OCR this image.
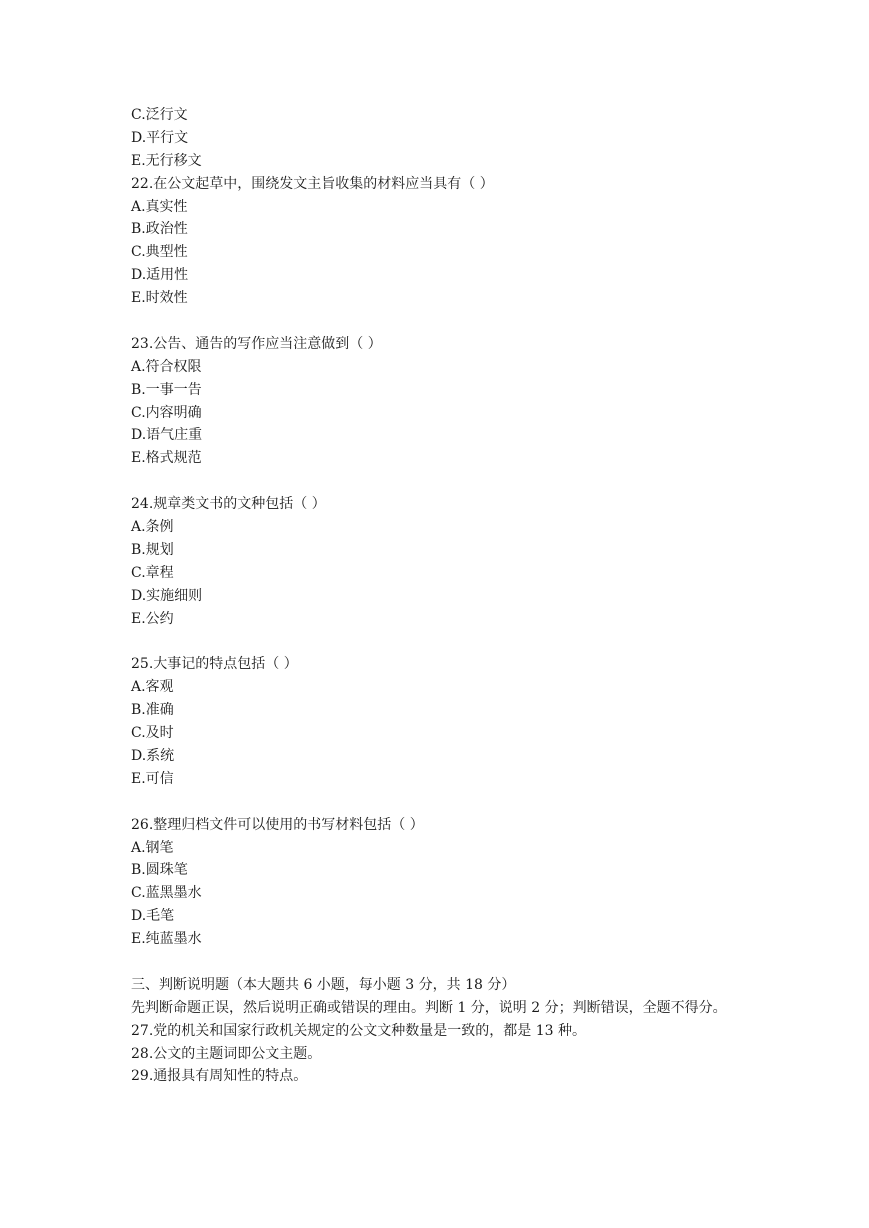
C.泛行文
D.平行文
E.无行移文
22.在公文起草中，围绕发文主旨收集的材料应当具有（ ）
A.真实性
B.政治性
C.典型性
D.适用性
E.时效性
23.公告、通告的写作应当注意做到（ ）
A.符合权限
B.一事一告
C.内容明确
D.语气庄重
E.格式规范
24.规章类文书的文种包括（ ）
A.条例
B.规划
C.章程
D.实施细则
E.公约
25.大事记的特点包括（ ）
A.客观
B.准确
C.及时
D.系统
E.可信
26.整理归档文件可以使用的书写材料包括（ ）
A.钢笔
B.圆珠笔
C.蓝黑墨水
D.毛笔
E.纯蓝墨水
三、判断说明题（本大题共 6 小题，每小题 3 分，共 18 分）
先判断命题正误，然后说明正确或错误的理由。判断 1 分，说明 2 分；判断错误，全题不得分。
27.党的机关和国家行政机关规定的公文文种数量是一致的，都是 13 种。
28.公文的主题词即公文主题。
29.通报具有周知性的特点。
